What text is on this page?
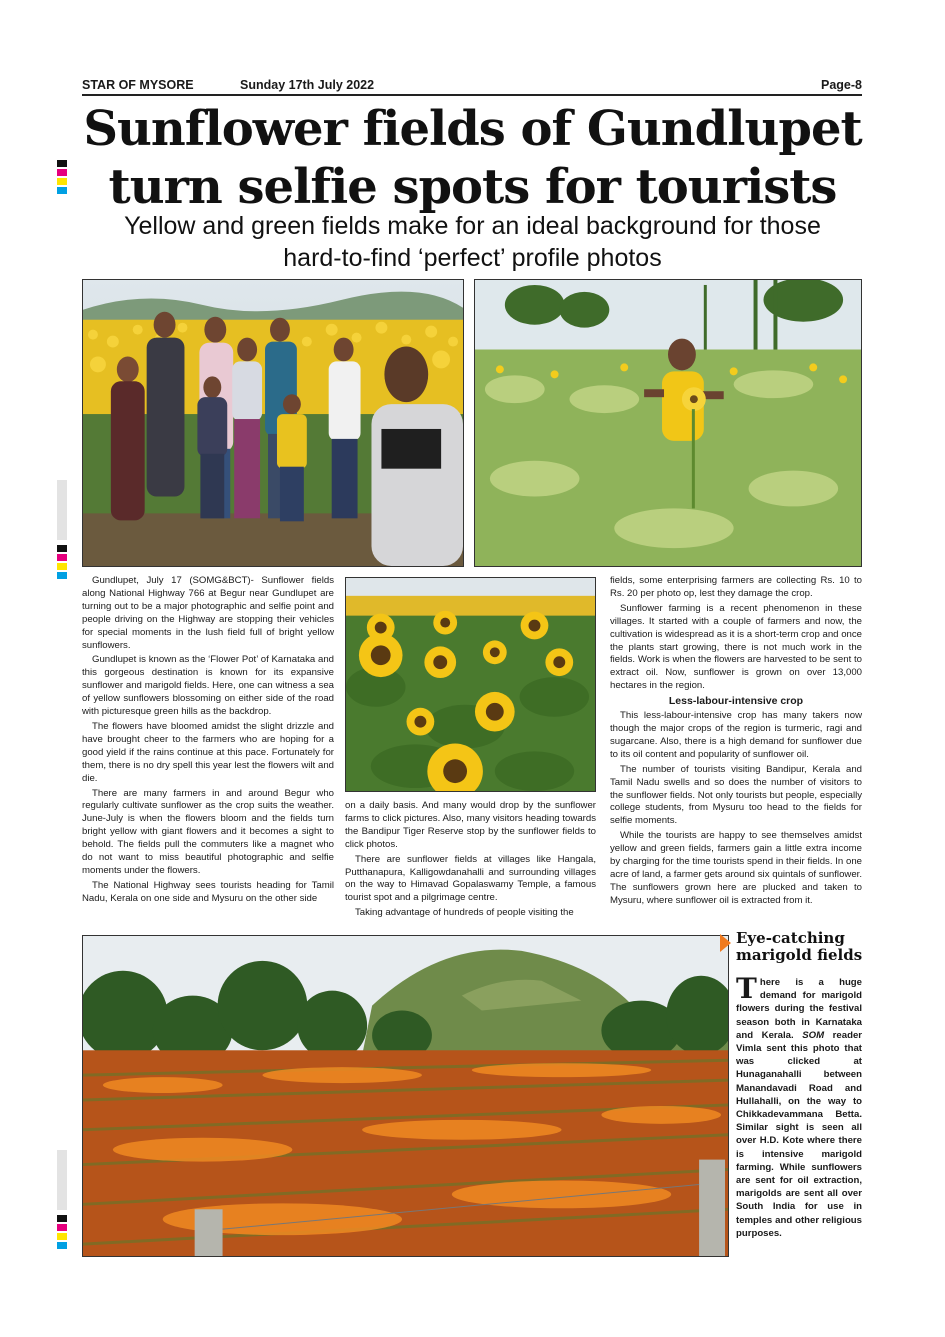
STAR OF MYSORE	Sunday 17th July 2022	Page-8
Sunflower fields of Gundlupet
turn selfie spots for tourists
Yellow and green fields make for an ideal background for those
hard-to-find ‘perfect’ profile photos

Gundlupet, July 17 (SOMG&BCT)- Sunflower fields along National Highway 766 at Begur near Gundlupet are turning out to be a major photographic and selfie point and people driving on the Highway are stopping their vehicles for special moments in the lush field full of bright yellow sunflowers.

Gundlupet is known as the ‘Flower Pot’ of Karnataka and this gorgeous destination is known for its expansive sunflower and marigold fields. Here, one can witness a sea of yellow sunflowers blossoming on either side of the road with picturesque green hills as the backdrop.

The flowers have bloomed amidst the slight drizzle and have brought cheer to the farmers who are hoping for a good yield if the rains continue at this pace. Fortunately for them, there is no dry spell this year lest the flowers wilt and die.

There are many farmers in and around Begur who regularly cultivate sunflower as the crop suits the weather. June-July is when the flowers bloom and the fields turn bright yellow with giant flowers and it becomes a sight to behold. The fields pull the commuters like a magnet who do not want to miss beautiful photographic and selfie moments under the flowers.

The National Highway sees tourists heading for Tamil Nadu, Kerala on one side and Mysuru on the other side

on a daily basis. And many would drop by the sunflower farms to click pictures. Also, many visitors heading towards the Bandipur Tiger Reserve stop by the sunflower fields to click photos.

There are sunflower fields at villages like Hangala, Putthanapura, Kalligowdanahalli and surrounding villages on the way to Himavad Gopalaswamy Temple, a famous tourist spot and a pilgrimage centre.

Taking advantage of hundreds of people visiting the

fields, some enterprising farmers are collecting Rs. 10 to Rs. 20 per photo op, lest they damage the crop.

Sunflower farming is a recent phenomenon in these villages. It started with a couple of farmers and now, the cultivation is widespread as it is a short-term crop and once the plants start growing, there is not much work in the fields. Work is when the flowers are harvested to be sent to extract oil. Now, sunflower is grown on over 13,000 hectares in the region.

Less-labour-intensive crop

This less-labour-intensive crop has many takers now though the major crops of the region is turmeric, ragi and sugarcane. Also, there is a high demand for sunflower due to its oil content and popularity of sunflower oil.

The number of tourists visiting Bandipur, Kerala and Tamil Nadu swells and so does the number of visitors to the sunflower fields. Not only tourists but people, especially college students, from Mysuru too head to the fields for selfie moments.

While the tourists are happy to see themselves amidst yellow and green fields, farmers gain a little extra income by charging for the time tourists spend in their fields. In one acre of land, a farmer gets around six quintals of sunflower. The sunflowers grown here are plucked and taken to Mysuru, where sunflower oil is extracted from it.

Eye-catching
marigold fields
There is a huge demand for marigold flowers during the festival season both in Karnataka and Kerala. SOM reader Vimla sent this photo that was clicked at Hunaganahalli between Manandavadi Road and Hullahalli, on the way to Chikkadevammana Betta. Similar sight is seen all over H.D. Kote where there is intensive marigold farming. While sunflowers are sent for oil extraction, marigolds are sent all over South India for use in temples and other religious purposes.
